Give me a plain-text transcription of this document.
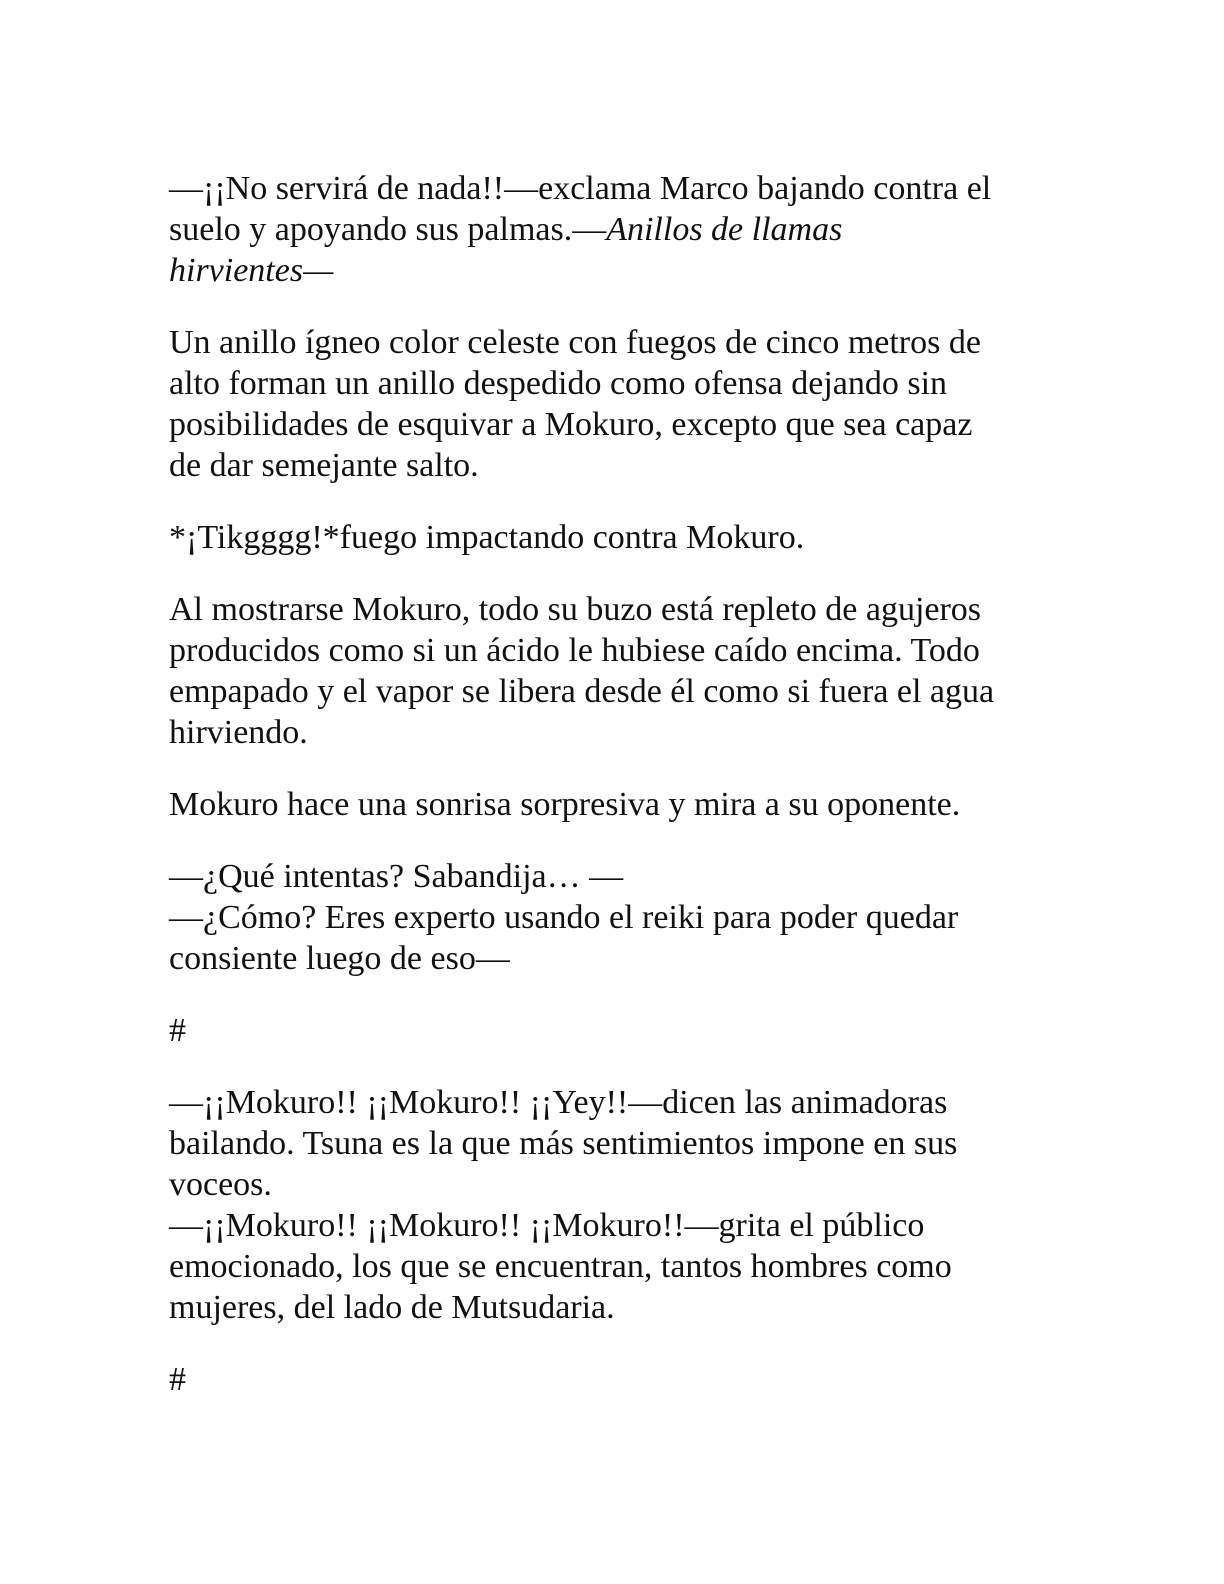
—¡¡No servirá de nada!!—exclama Marco bajando contra el
suelo y apoyando sus palmas.—Anillos de llamas
hirvientes—

Un anillo ígneo color celeste con fuegos de cinco metros de
alto forman un anillo despedido como ofensa dejando sin
posibilidades de esquivar a Mokuro, excepto que sea capaz
de dar semejante salto.

*¡Tikgggg!*fuego impactando contra Mokuro.

Al mostrarse Mokuro, todo su buzo está repleto de agujeros
producidos como si un ácido le hubiese caído encima. Todo
empapado y el vapor se libera desde él como si fuera el agua
hirviendo.

Mokuro hace una sonrisa sorpresiva y mira a su oponente.

—¿Qué intentas? Sabandija… —
—¿Cómo? Eres experto usando el reiki para poder quedar
consiente luego de eso—

#

—¡¡Mokuro!! ¡¡Mokuro!! ¡¡Yey!!—dicen las animadoras
bailando. Tsuna es la que más sentimientos impone en sus
voceos.
—¡¡Mokuro!! ¡¡Mokuro!! ¡¡Mokuro!!—grita el público
emocionado, los que se encuentran, tantos hombres como
mujeres, del lado de Mutsudaria.

#
